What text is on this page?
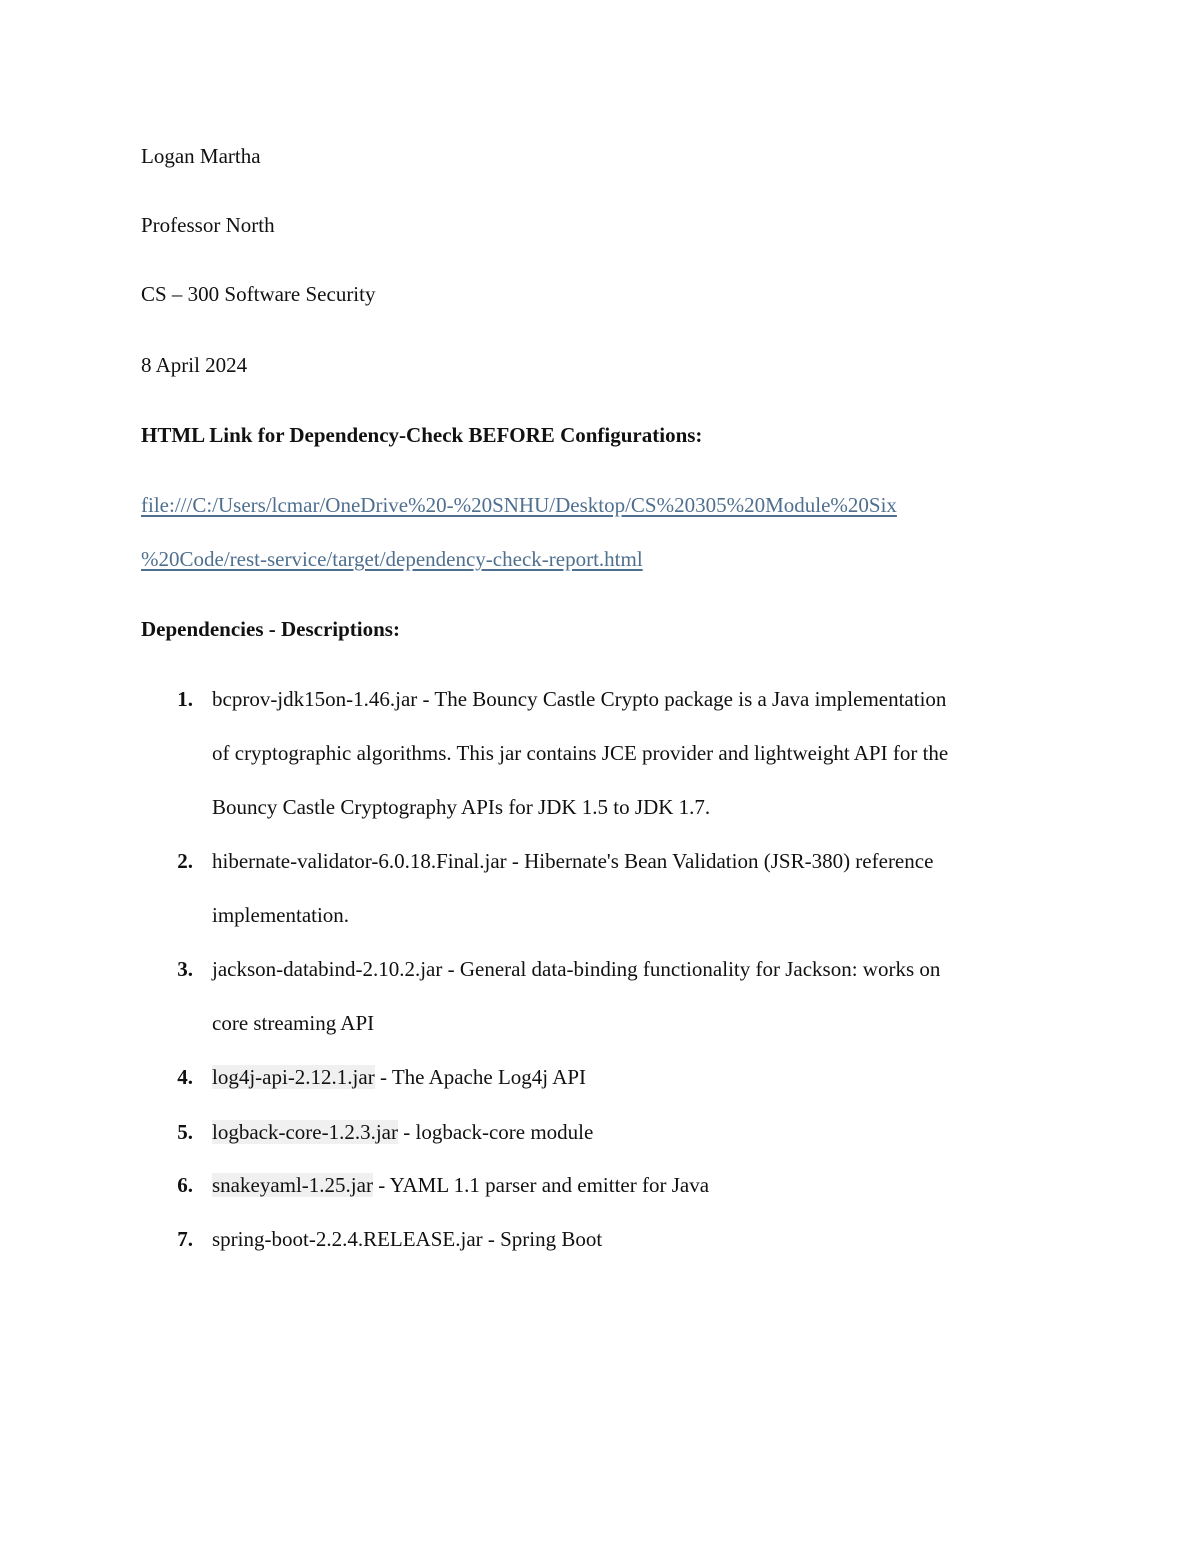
Logan Martha
Professor North
CS – 300 Software Security
8 April 2024
HTML Link for Dependency-Check BEFORE Configurations:
file:///C:/Users/lcmar/OneDrive%20-%20SNHU/Desktop/CS%20305%20Module%20Six
%20Code/rest-service/target/dependency-check-report.html
Dependencies - Descriptions:
1. bcprov-jdk15on-1.46.jar - The Bouncy Castle Crypto package is a Java implementation
of cryptographic algorithms. This jar contains JCE provider and lightweight API for the
Bouncy Castle Cryptography APIs for JDK 1.5 to JDK 1.7.
2. hibernate-validator-6.0.18.Final.jar - Hibernate's Bean Validation (JSR-380) reference
implementation.
3. jackson-databind-2.10.2.jar - General data-binding functionality for Jackson: works on
core streaming API
4. log4j-api-2.12.1.jar - The Apache Log4j API
5. logback-core-1.2.3.jar - logback-core module
6. snakeyaml-1.25.jar - YAML 1.1 parser and emitter for Java
7. spring-boot-2.2.4.RELEASE.jar - Spring Boot
